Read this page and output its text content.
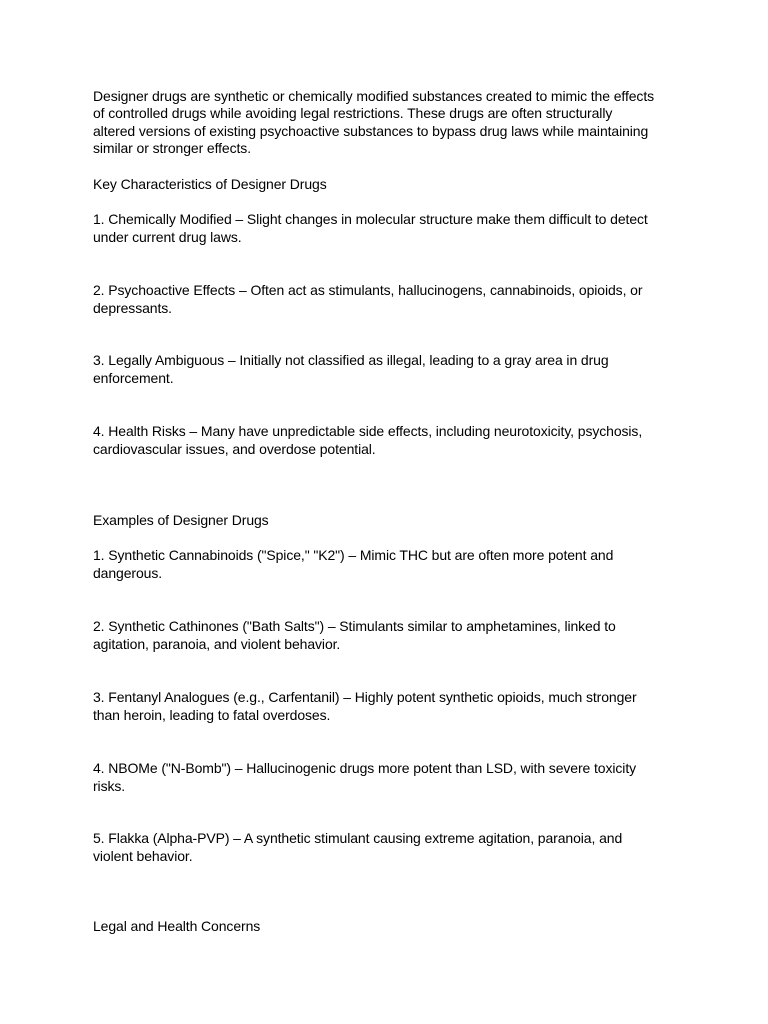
Designer drugs are synthetic or chemically modified substances created to mimic the effects

of controlled drugs while avoiding legal restrictions. These drugs are often structurally

altered versions of existing psychoactive substances to bypass drug laws while maintaining

similar or stronger effects.

Key Characteristics of Designer Drugs

1. Chemically Modified – Slight changes in molecular structure make them difficult to detect

under current drug laws.

2. Psychoactive Effects – Often act as stimulants, hallucinogens, cannabinoids, opioids, or

depressants.

3. Legally Ambiguous – Initially not classified as illegal, leading to a gray area in drug

enforcement.

4. Health Risks – Many have unpredictable side effects, including neurotoxicity, psychosis,

cardiovascular issues, and overdose potential.

Examples of Designer Drugs

1. Synthetic Cannabinoids ("Spice," "K2") – Mimic THC but are often more potent and

dangerous.

2. Synthetic Cathinones ("Bath Salts") – Stimulants similar to amphetamines, linked to

agitation, paranoia, and violent behavior.

3. Fentanyl Analogues (e.g., Carfentanil) – Highly potent synthetic opioids, much stronger

than heroin, leading to fatal overdoses.

4. NBOMe ("N-Bomb") – Hallucinogenic drugs more potent than LSD, with severe toxicity

risks.

5. Flakka (Alpha-PVP) – A synthetic stimulant causing extreme agitation, paranoia, and

violent behavior.

Legal and Health Concerns
